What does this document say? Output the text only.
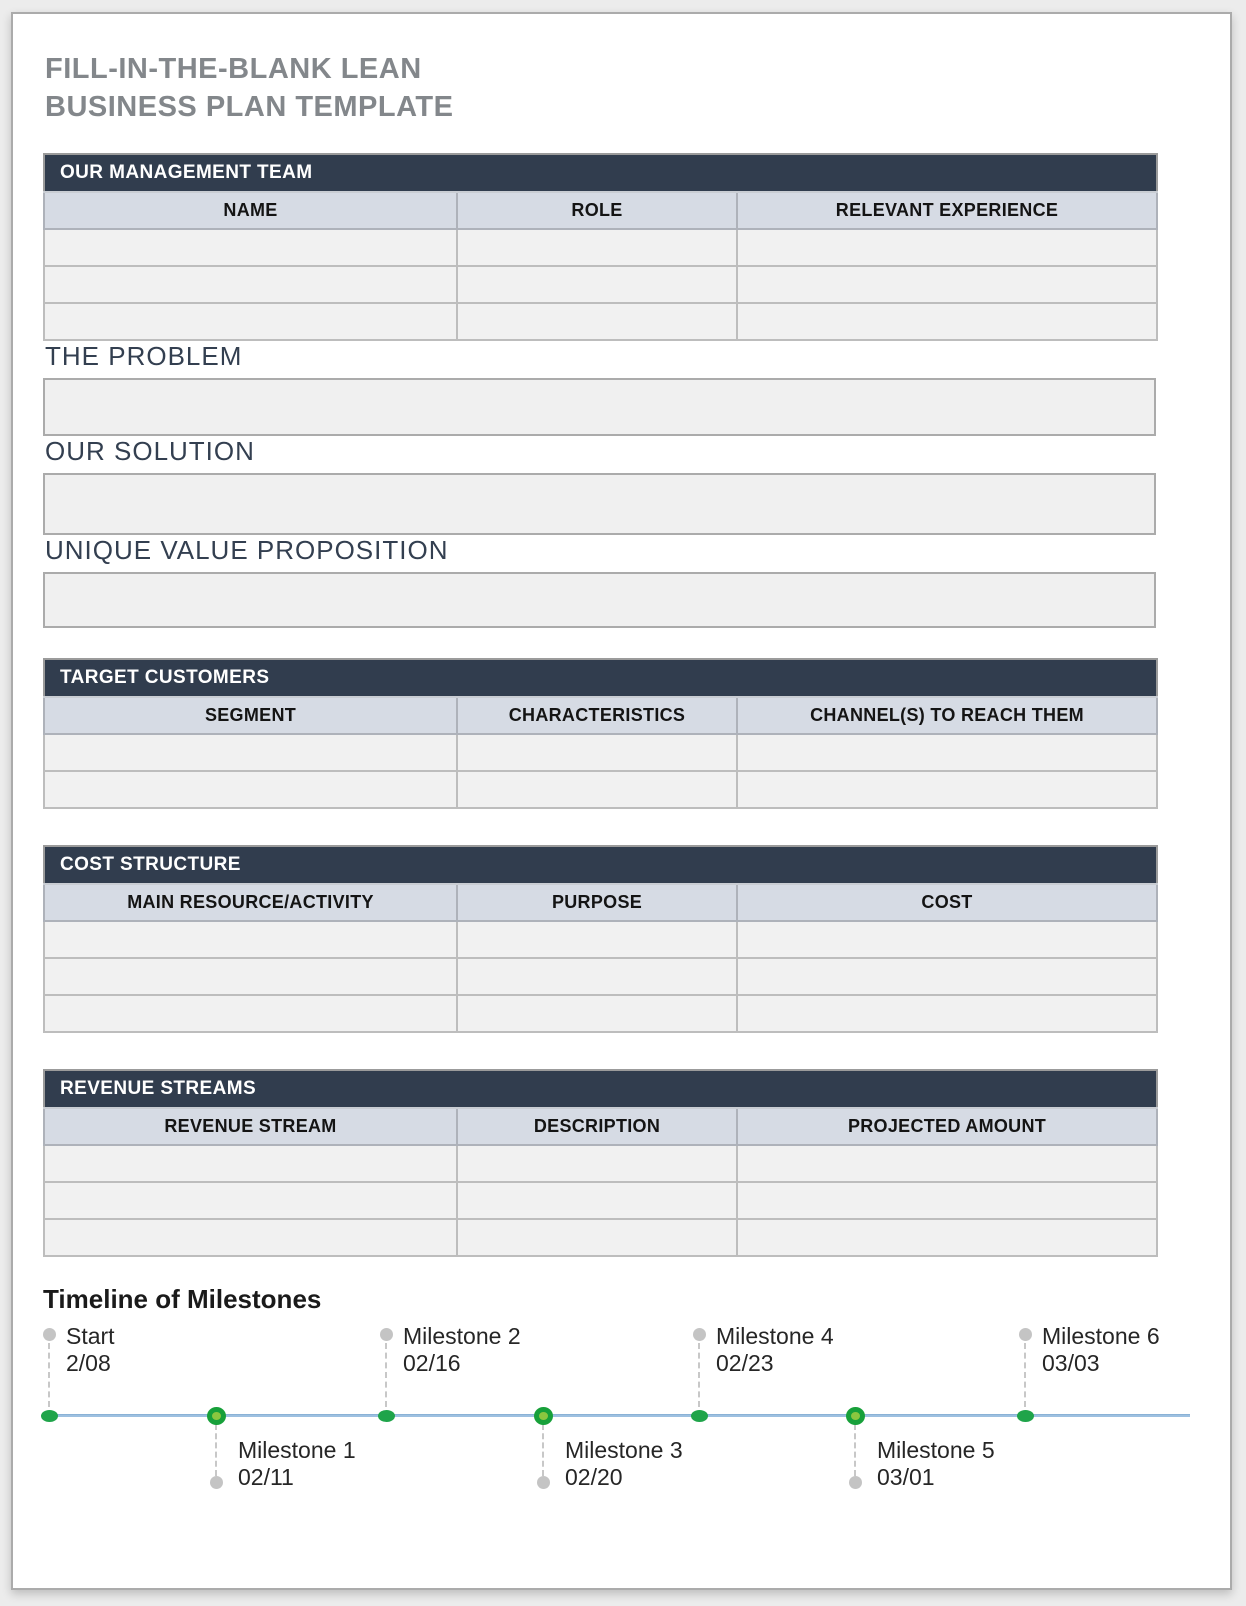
FILL-IN-THE-BLANK LEAN BUSINESS PLAN TEMPLATE
OUR MANAGEMENT TEAM		
NAME	ROLE	RELEVANT EXPERIENCE

THE PROBLEM
OUR SOLUTION
UNIQUE VALUE PROPOSITION
TARGET CUSTOMERS		
SEGMENT	CHARACTERISTICS	CHANNEL(S) TO REACH THEM

COST STRUCTURE		
MAIN RESOURCE/ACTIVITY	PURPOSE	COST

REVENUE STREAMS		
REVENUE STREAM	DESCRIPTION	PROJECTED AMOUNT

Timeline of Milestones
Start
2/08
Milestone 1
02/11
Milestone 2
02/16
Milestone 3
02/20
Milestone 4
02/23
Milestone 5
03/01
Milestone 6
03/03
